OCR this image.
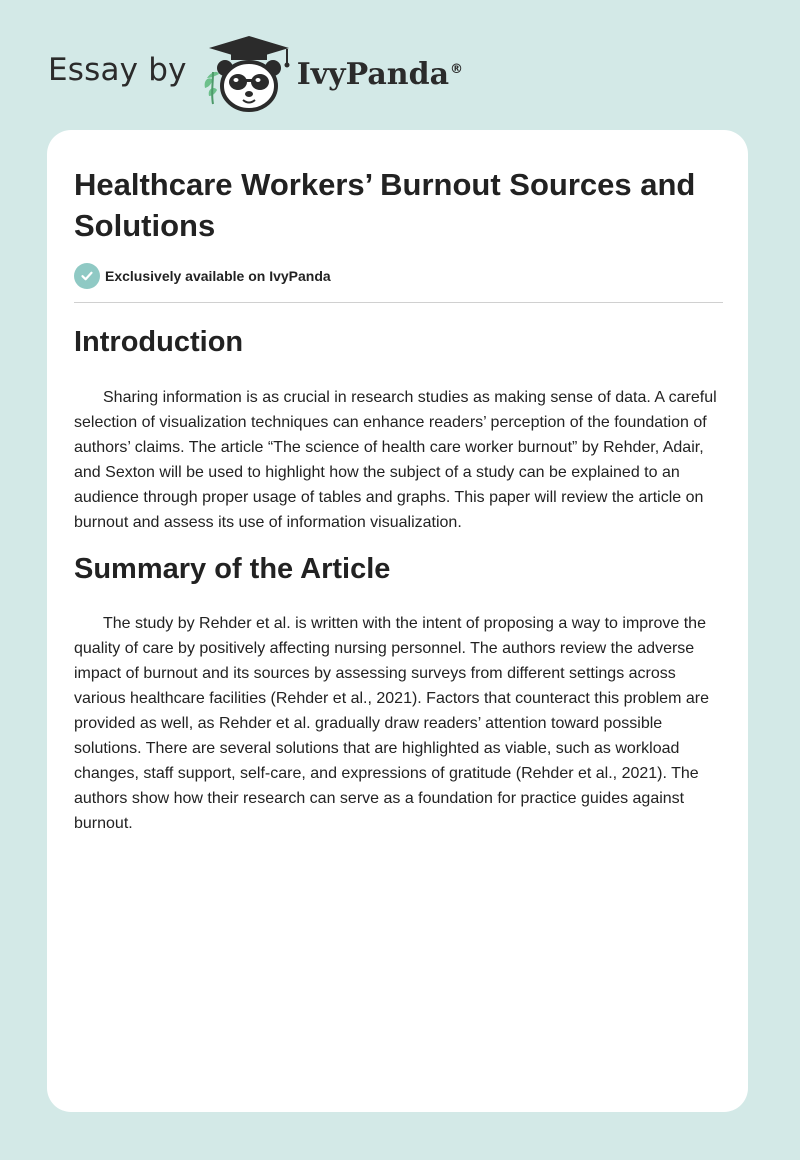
Essay by	IvyPanda®
Healthcare Workers’ Burnout Sources and Solutions
Exclusively available on IvyPanda
Introduction

Sharing information is as crucial in research studies as making sense of data. A careful selection of visualization techniques can enhance readers’ perception of the foundation of authors’ claims. The article “The science of health care worker burnout” by Rehder, Adair, and Sexton will be used to highlight how the subject of a study can be explained to an audience through proper usage of tables and graphs. This paper will review the article on burnout and assess its use of information visualization.

Summary of the Article

The study by Rehder et al. is written with the intent of proposing a way to improve the quality of care by positively affecting nursing personnel. The authors review the adverse impact of burnout and its sources by assessing surveys from different settings across various healthcare facilities (Rehder et al., 2021). Factors that counteract this problem are provided as well, as Rehder et al. gradually draw readers’ attention toward possible solutions. There are several solutions that are highlighted as viable, such as workload changes, staff support, self-care, and expressions of gratitude (Rehder et al., 2021). The authors show how their research can serve as a foundation for practice guides against burnout.
